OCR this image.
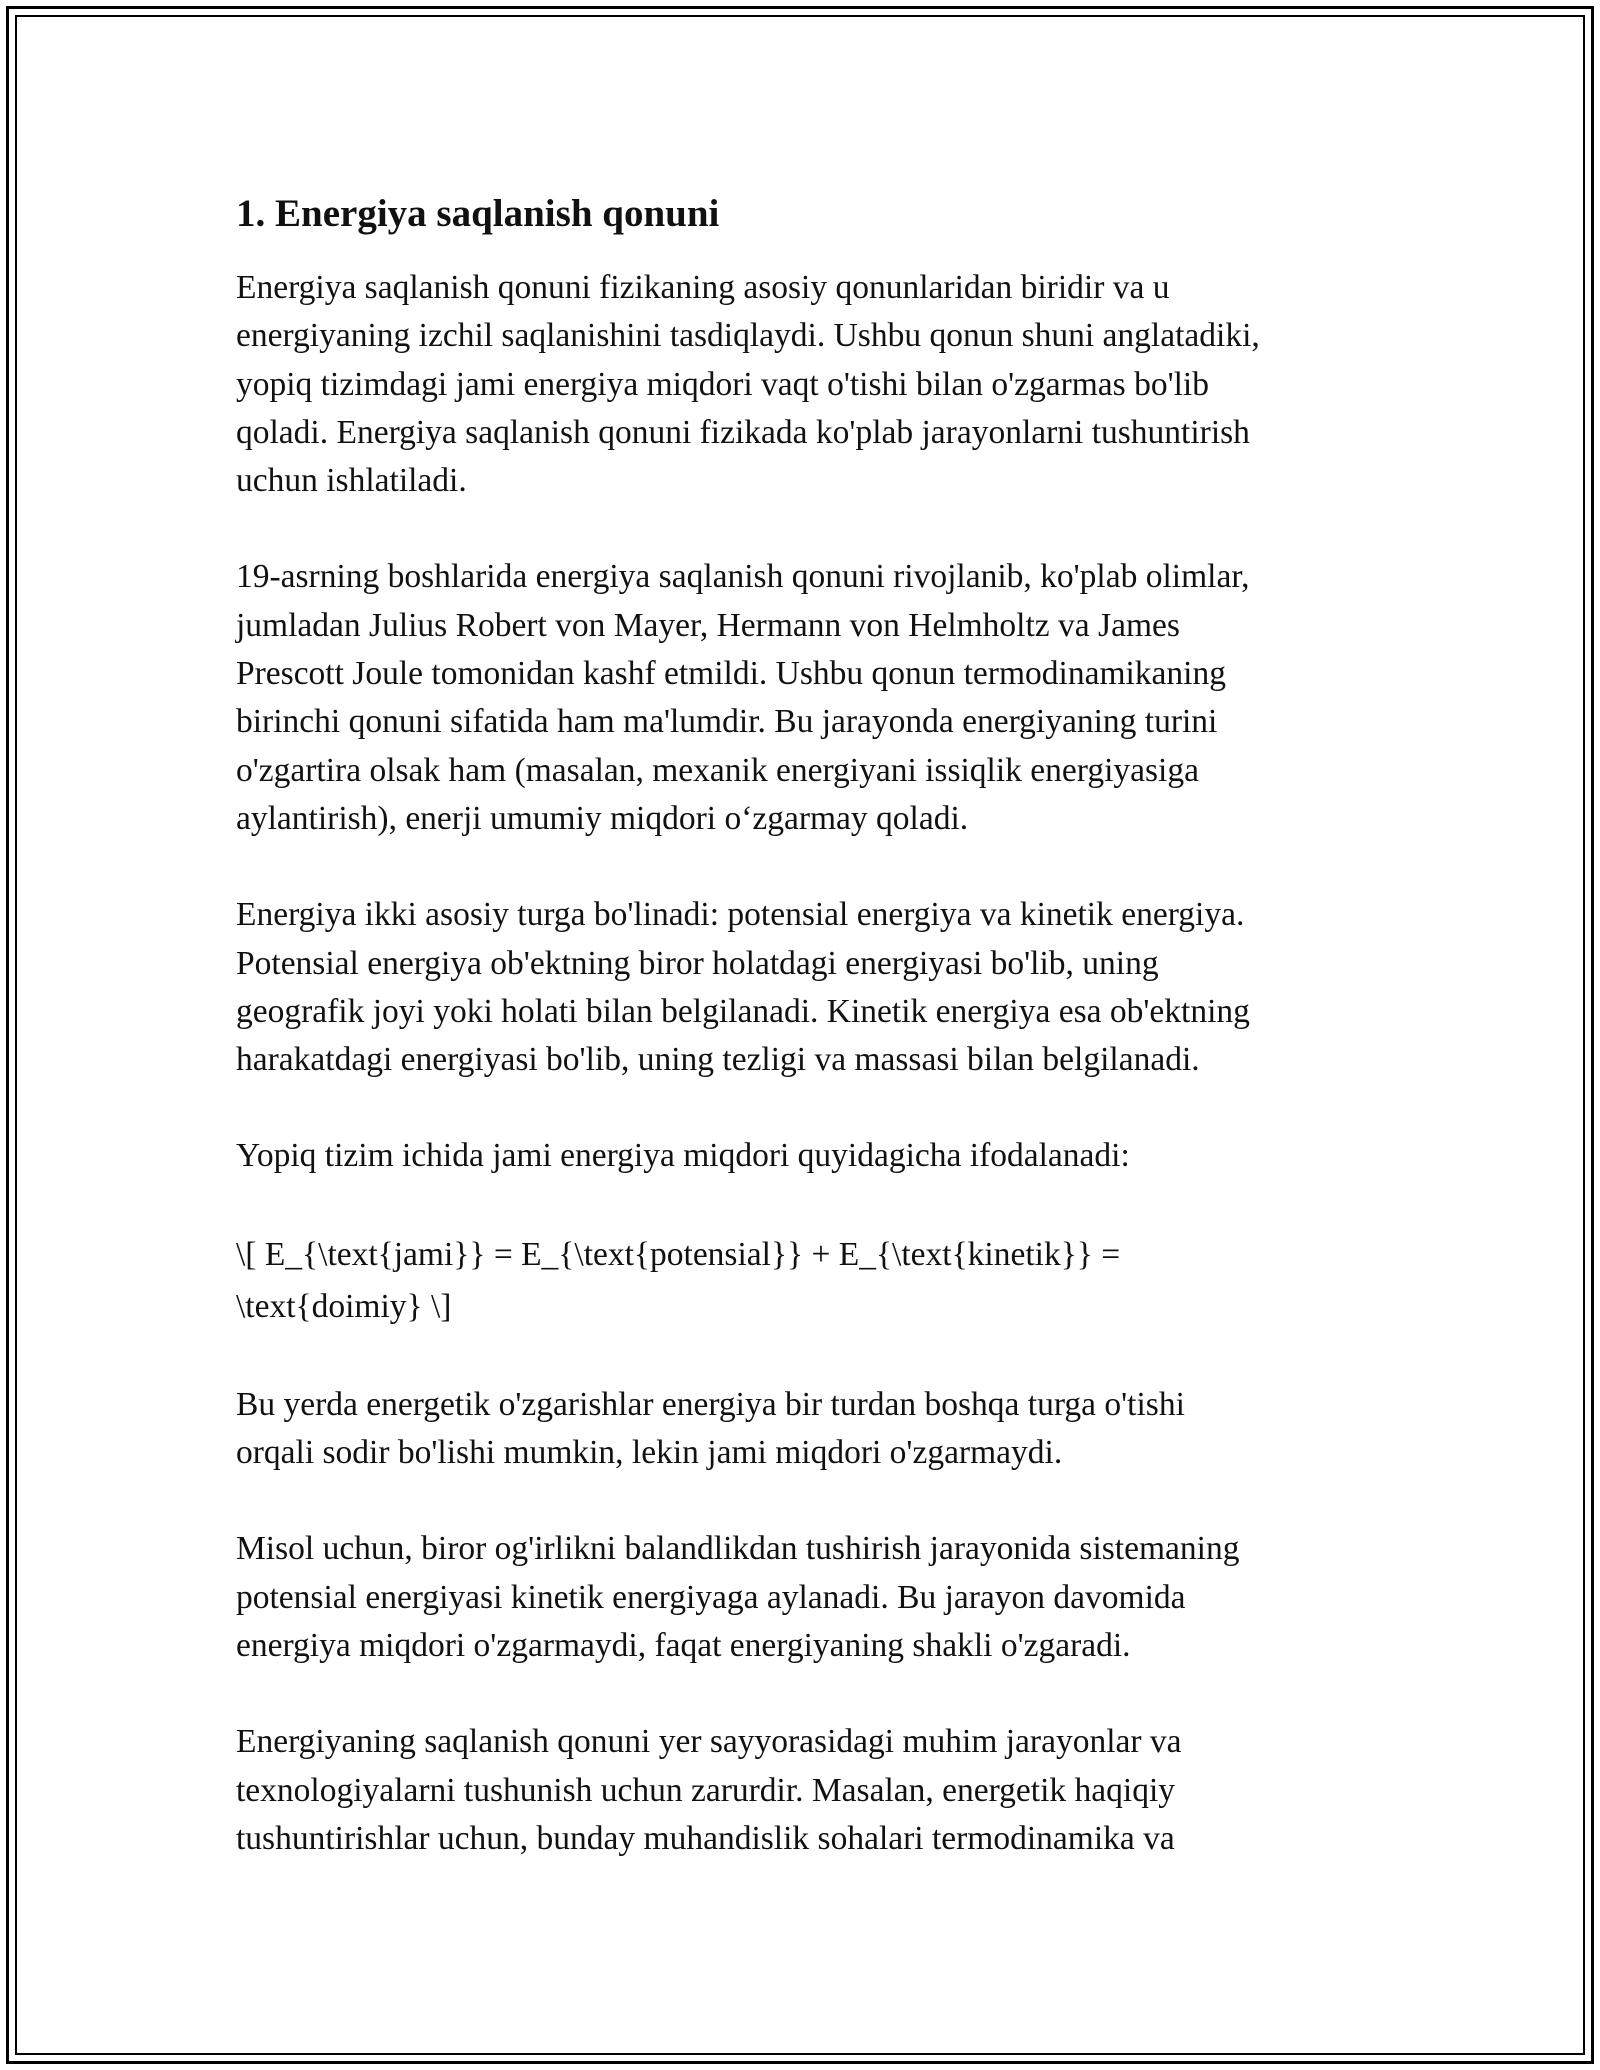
1. Energiya saqlanish qonuni

Energiya saqlanish qonuni fizikaning asosiy qonunlaridan biridir va u
energiyaning izchil saqlanishini tasdiqlaydi. Ushbu qonun shuni anglatadiki,
yopiq tizimdagi jami energiya miqdori vaqt o'tishi bilan o'zgarmas bo'lib
qoladi. Energiya saqlanish qonuni fizikada ko'plab jarayonlarni tushuntirish
uchun ishlatiladi.

19-asrning boshlarida energiya saqlanish qonuni rivojlanib, ko'plab olimlar,
jumladan Julius Robert von Mayer, Hermann von Helmholtz va James
Prescott Joule tomonidan kashf etmildi. Ushbu qonun termodinamikaning
birinchi qonuni sifatida ham ma'lumdir. Bu jarayonda energiyaning turini
o'zgartira olsak ham (masalan, mexanik energiyani issiqlik energiyasiga
aylantirish), enerji umumiy miqdori o‘zgarmay qoladi.

Energiya ikki asosiy turga bo'linadi: potensial energiya va kinetik energiya.
Potensial energiya ob'ektning biror holatdagi energiyasi bo'lib, uning
geografik joyi yoki holati bilan belgilanadi. Kinetik energiya esa ob'ektning
harakatdagi energiyasi bo'lib, uning tezligi va massasi bilan belgilanadi.

Yopiq tizim ichida jami energiya miqdori quyidagicha ifodalanadi:

\[ E_{\text{jami}} = E_{\text{potensial}} + E_{\text{kinetik}} =
\text{doimiy} \]

Bu yerda energetik o'zgarishlar energiya bir turdan boshqa turga o'tishi
orqali sodir bo'lishi mumkin, lekin jami miqdori o'zgarmaydi.

Misol uchun, biror og'irlikni balandlikdan tushirish jarayonida sistemaning
potensial energiyasi kinetik energiyaga aylanadi. Bu jarayon davomida
energiya miqdori o'zgarmaydi, faqat energiyaning shakli o'zgaradi.

Energiyaning saqlanish qonuni yer sayyorasidagi muhim jarayonlar va
texnologiyalarni tushunish uchun zarurdir. Masalan, energetik haqiqiy
tushuntirishlar uchun, bunday muhandislik sohalari termodinamika va
